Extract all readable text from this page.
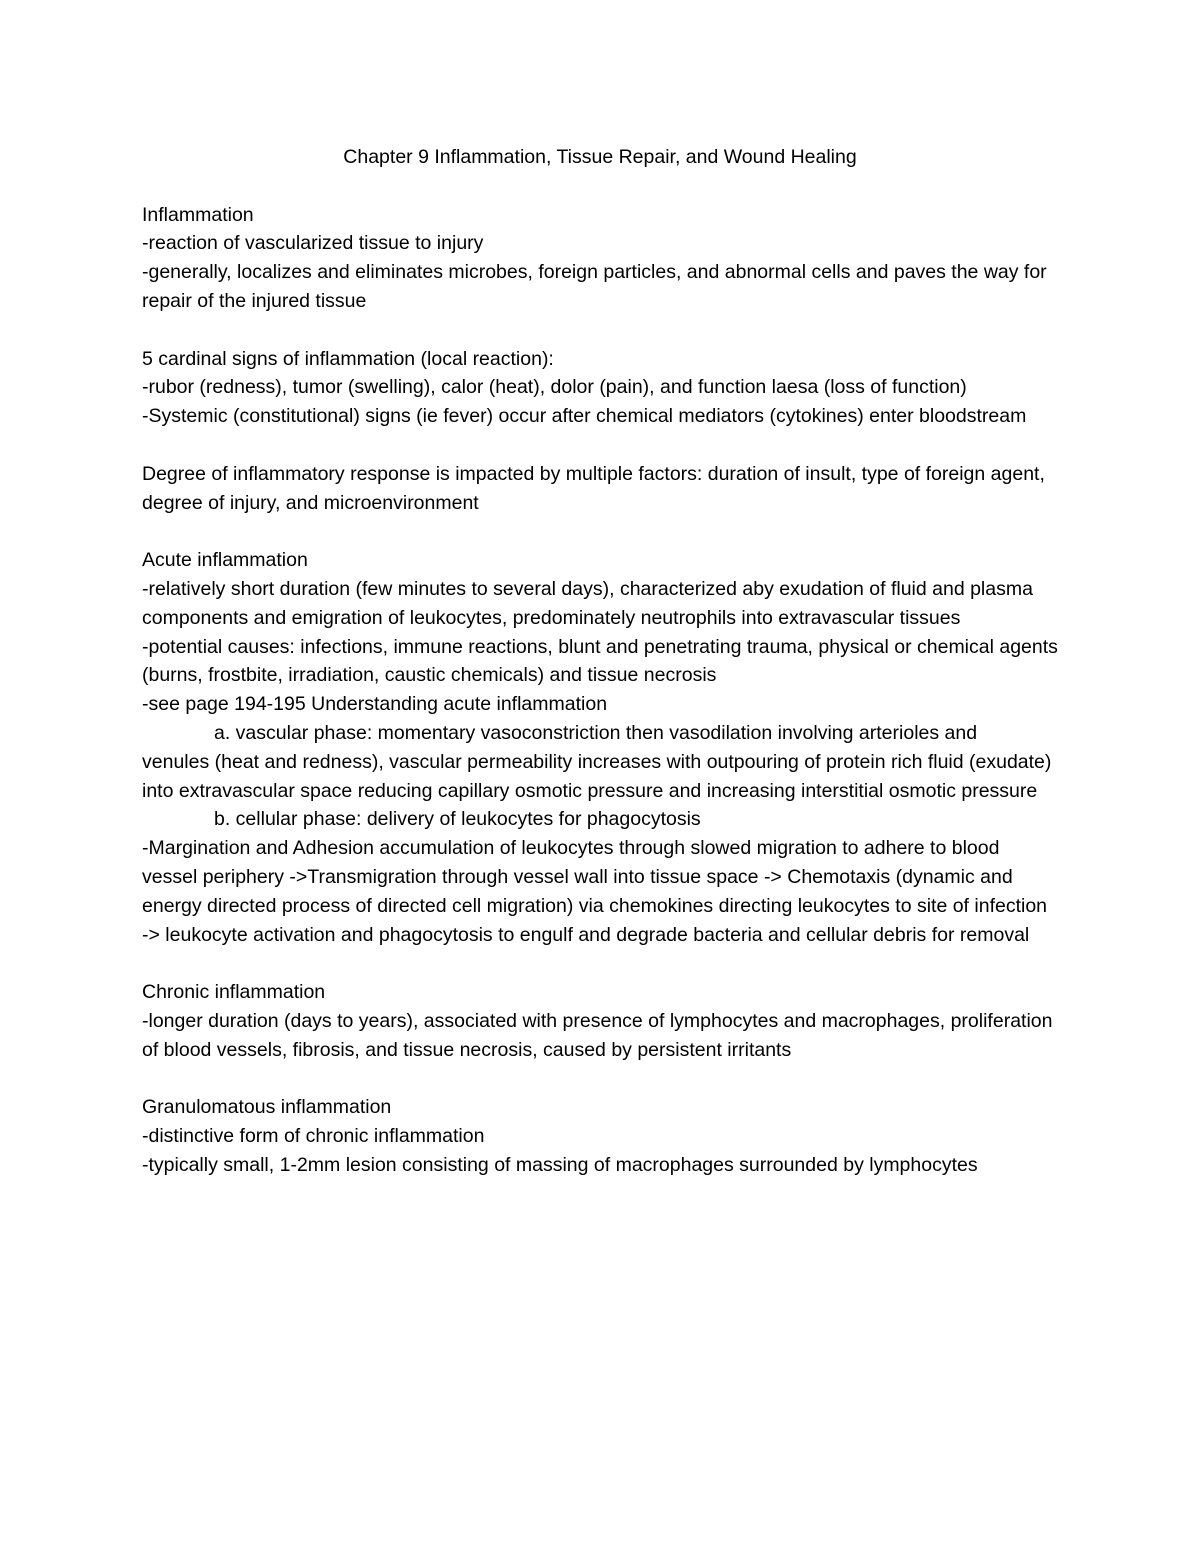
Chapter 9 Inflammation, Tissue Repair, and Wound Healing

Inflammation

-reaction of vascularized tissue to injury

-generally, localizes and eliminates microbes, foreign particles, and abnormal cells and paves the way for repair of the injured tissue

5 cardinal signs of inflammation (local reaction):

-rubor (redness), tumor (swelling), calor (heat), dolor (pain), and function laesa (loss of function)

-Systemic (constitutional) signs (ie fever) occur after chemical mediators (cytokines) enter bloodstream

Degree of inflammatory response is impacted by multiple factors: duration of insult, type of foreign agent, degree of injury, and microenvironment

Acute inflammation

-relatively short duration (few minutes to several days), characterized aby exudation of fluid and plasma components and emigration of leukocytes, predominately neutrophils into extravascular tissues

-potential causes: infections, immune reactions, blunt and penetrating trauma, physical or chemical agents (burns, frostbite, irradiation, caustic chemicals) and tissue necrosis

-see page 194-195 Understanding acute inflammation

a. vascular phase: momentary vasoconstriction then vasodilation involving arterioles and

venules (heat and redness), vascular permeability increases with outpouring of protein rich fluid (exudate) into extravascular space reducing capillary osmotic pressure and increasing interstitial osmotic pressure

b. cellular phase: delivery of leukocytes for phagocytosis

-Margination and Adhesion accumulation of leukocytes through slowed migration to adhere to blood vessel periphery ->Transmigration through vessel wall into tissue space -> Chemotaxis (dynamic and energy directed process of directed cell migration) via chemokines directing leukocytes to site of infection -> leukocyte activation and phagocytosis to engulf and degrade bacteria and cellular debris for removal

Chronic inflammation

-longer duration (days to years), associated with presence of lymphocytes and macrophages, proliferation of blood vessels, fibrosis, and tissue necrosis, caused by persistent irritants

Granulomatous inflammation

-distinctive form of chronic inflammation

-typically small, 1-2mm lesion consisting of massing of macrophages surrounded by lymphocytes
